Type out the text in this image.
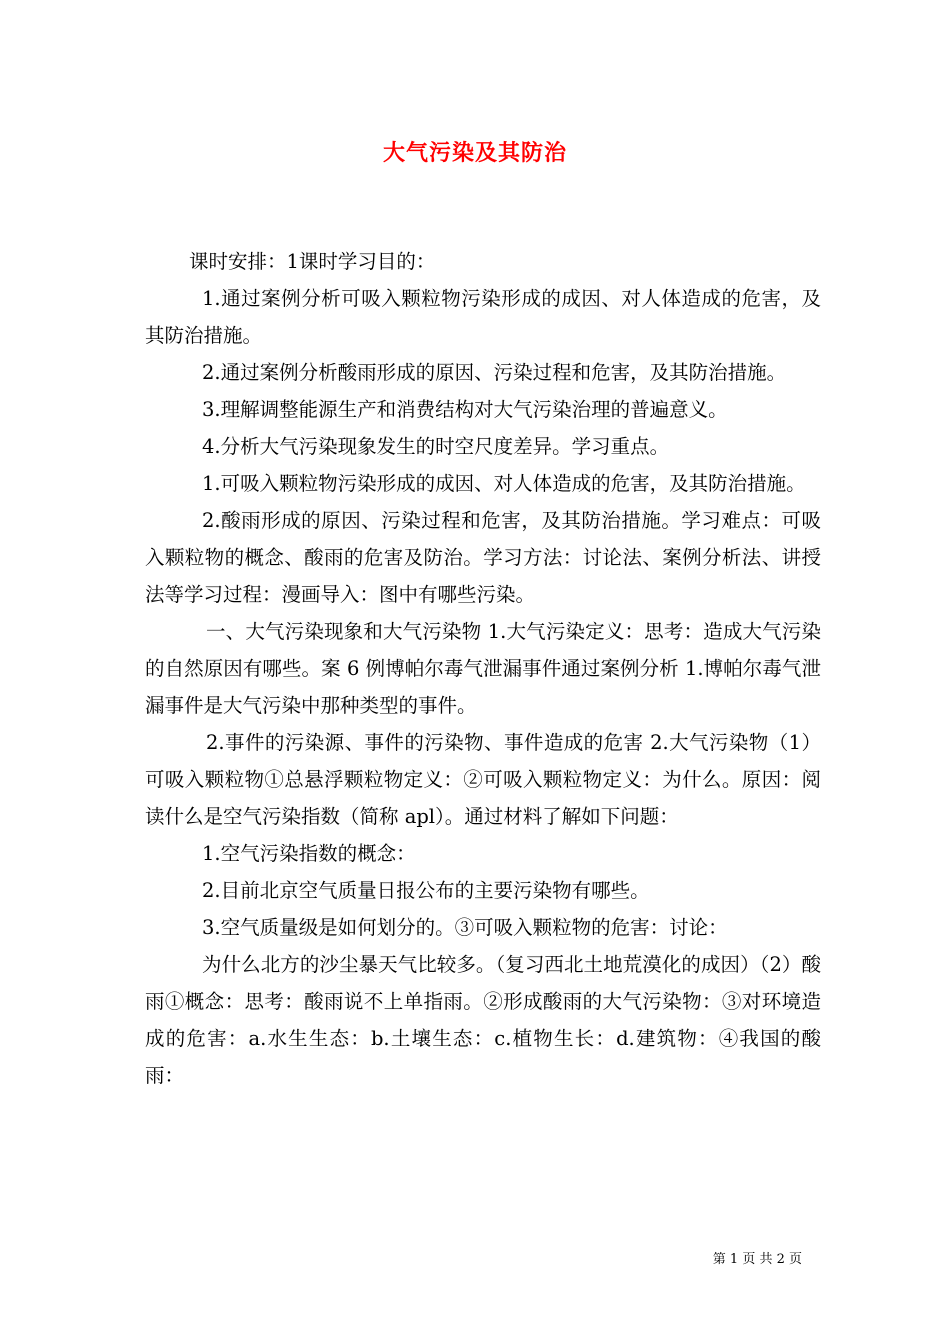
大气污染及其防治

课时安排：1课时学习目的：

1.通过案例分析可吸入颗粒物污染形成的成因、对人体造成的危害，及其防治措施。

2.通过案例分析酸雨形成的原因、污染过程和危害，及其防治措施。

3.理解调整能源生产和消费结构对大气污染治理的普遍意义。

4.分析大气污染现象发生的时空尺度差异。学习重点。

1.可吸入颗粒物污染形成的成因、对人体造成的危害，及其防治措施。

2.酸雨形成的原因、污染过程和危害，及其防治措施。学习难点：可吸入颗粒物的概念、酸雨的危害及防治。学习方法：讨论法、案例分析法、讲授法等学习过程：漫画导入：图中有哪些污染。

一、大气污染现象和大气污染物 1.大气污染定义：思考：造成大气污染的自然原因有哪些。案 6 例博帕尔毒气泄漏事件通过案例分析 1.博帕尔毒气泄漏事件是大气污染中那种类型的事件。

2.事件的污染源、事件的污染物、事件造成的危害 2.大气污染物（1）可吸入颗粒物①总悬浮颗粒物定义：②可吸入颗粒物定义：为什么。原因：阅读什么是空气污染指数（简称 apl）。通过材料了解如下问题：

1.空气污染指数的概念：

2.目前北京空气质量日报公布的主要污染物有哪些。

3.空气质量级是如何划分的。③可吸入颗粒物的危害：讨论：

为什么北方的沙尘暴天气比较多。（复习西北土地荒漠化的成因）（2）酸雨①概念：思考：酸雨说不上单指雨。②形成酸雨的大气污染物：③对环境造成的危害：a.水生生态：b.土壤生态：c.植物生长：d.建筑物：④我国的酸雨：

第 1 页 共 2 页
